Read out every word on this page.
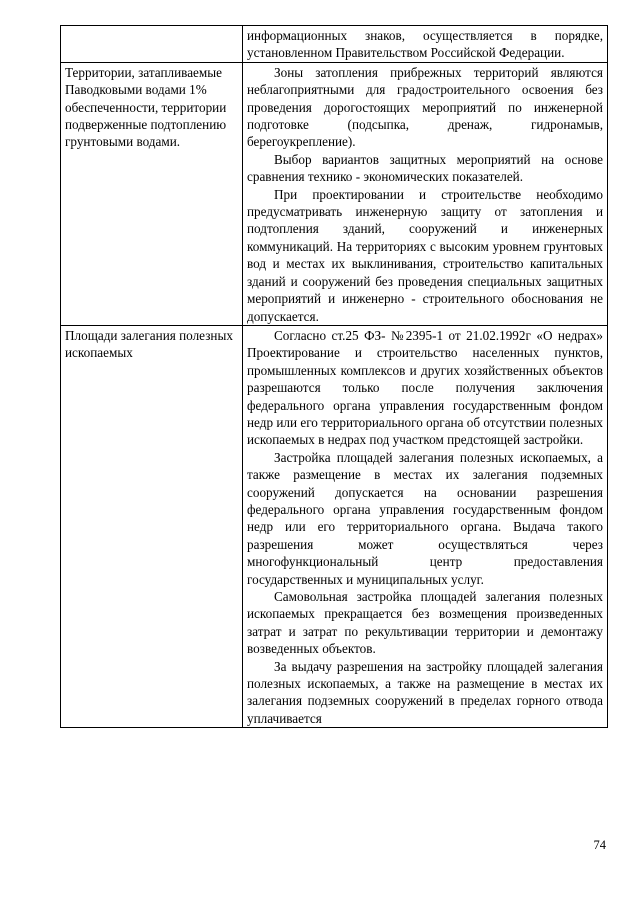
	информационных знаков, осуществляется в порядке, установленном Правительством Российской Федерации.

Территории, затапливаемые Паводковыми водами 1% обеспеченности, территории подверженные подтоплению грунтовыми водами.	Зоны затопления прибрежных территорий являются неблагоприятными для градостроительного освоения без проведения дорогостоящих мероприятий по инженерной подготовке (подсыпка, дренаж, гидронамыв, берегоукрепление).

Выбор вариантов защитных мероприятий на основе сравнения технико - экономических показателей.

При проектировании и строительстве необходимо предусматривать инженерную защиту от затопления и подтопления зданий, сооружений и инженерных коммуникаций. На территориях с высоким уровнем грунтовых вод и местах их выклинивания, строительство капитальных зданий и сооружений без проведения специальных защитных мероприятий и инженерно - строительного обоснования не допускается.

Площади залегания полезных ископаемых	Согласно ст.25 ФЗ- №2395-1 от 21.02.1992г «О недрах» Проектирование и строительство населенных пунктов, промышленных комплексов и других хозяйственных объектов разрешаются только после получения заключения федерального органа управления государственным фондом недр или его территориального органа об отсутствии полезных ископаемых в недрах под участком предстоящей застройки.

Застройка площадей залегания полезных ископаемых, а также размещение в местах их залегания подземных сооружений допускается на основании разрешения федерального органа управления государственным фондом недр или его территориального органа. Выдача такого разрешения может осуществляться через многофункциональный центр предоставления государственных и муниципальных услуг.

Самовольная застройка площадей залегания полезных ископаемых прекращается без возмещения произведенных затрат и затрат по рекультивации территории и демонтажу возведенных объектов.

За выдачу разрешения на застройку площадей залегания полезных ископаемых, а также на размещение в местах их залегания подземных сооружений в пределах горного отвода уплачивается

74
